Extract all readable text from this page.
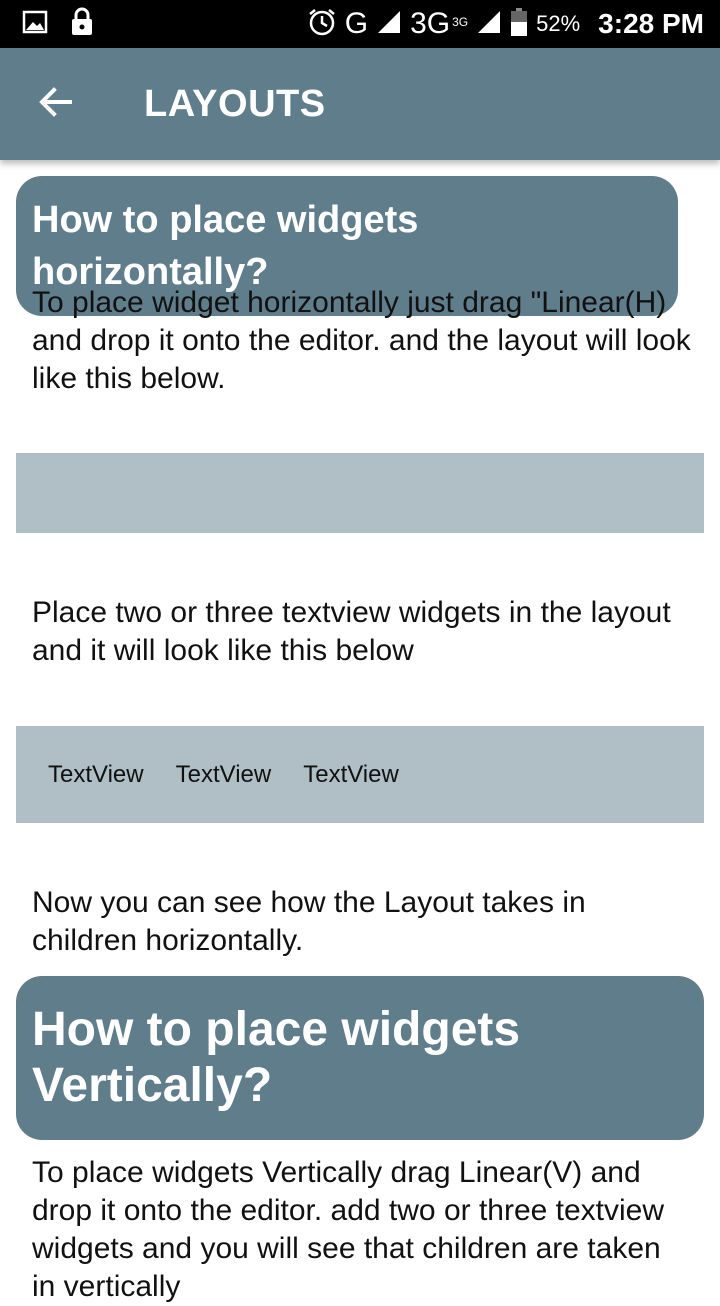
G 3G 3G	52% 3:28 PM
LAYOUTS
How to place widgets horizontally?
To place widget horizontally just drag "Linear(H) and drop it onto the editor. and the layout will look like this below.
Place two or three textview widgets in the layout and it will look like this below
TextView TextView TextView
Now you can see how the Layout takes in children horizontally.
How to place widgets Vertically?
To place widgets Vertically drag Linear(V) and drop it onto the editor. add two or three textview widgets and you will see that children are taken in vertically
